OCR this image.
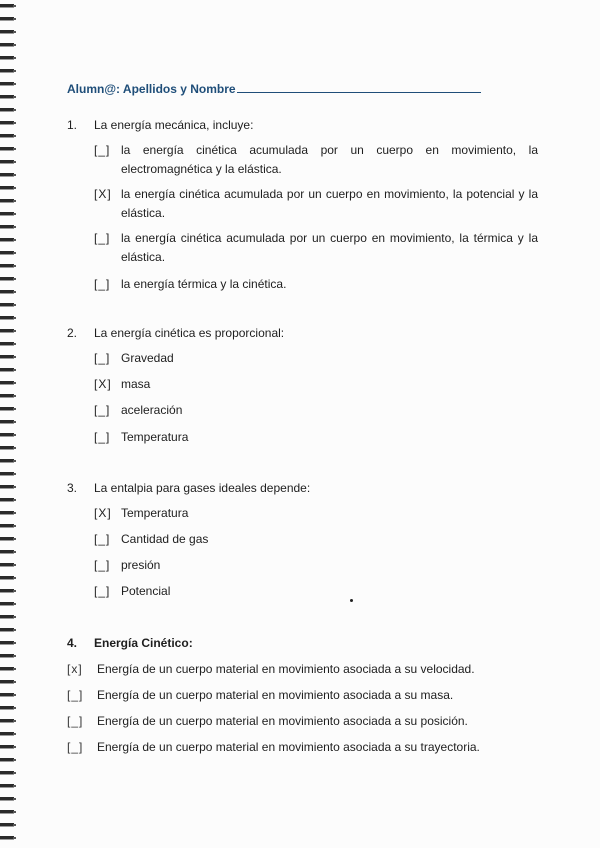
Alumn@: Apellidos y Nombre
1. La energía mecánica, incluye:
[_] la energía cinética acumulada por un cuerpo en movimiento, la electromagnética y la elástica.
[X] la energía cinética acumulada por un cuerpo en movimiento, la potencial y la elástica.
[_] la energía cinética acumulada por un cuerpo en movimiento, la térmica y la elástica.
[_] la energía térmica y la cinética.
2. La energía cinética es proporcional:
[_] Gravedad
[X] masa
[_] aceleración
[_] Temperatura
3. La entalpia para gases ideales depende:
[X] Temperatura
[_] Cantidad de gas
[_] presión
[_] Potencial
4. Energía Cinético:
[x] Energía de un cuerpo material en movimiento asociada a su velocidad.
[_] Energía de un cuerpo material en movimiento asociada a su masa.
[_] Energía de un cuerpo material en movimiento asociada a su posición.
[_] Energía de un cuerpo material en movimiento asociada a su trayectoria.
